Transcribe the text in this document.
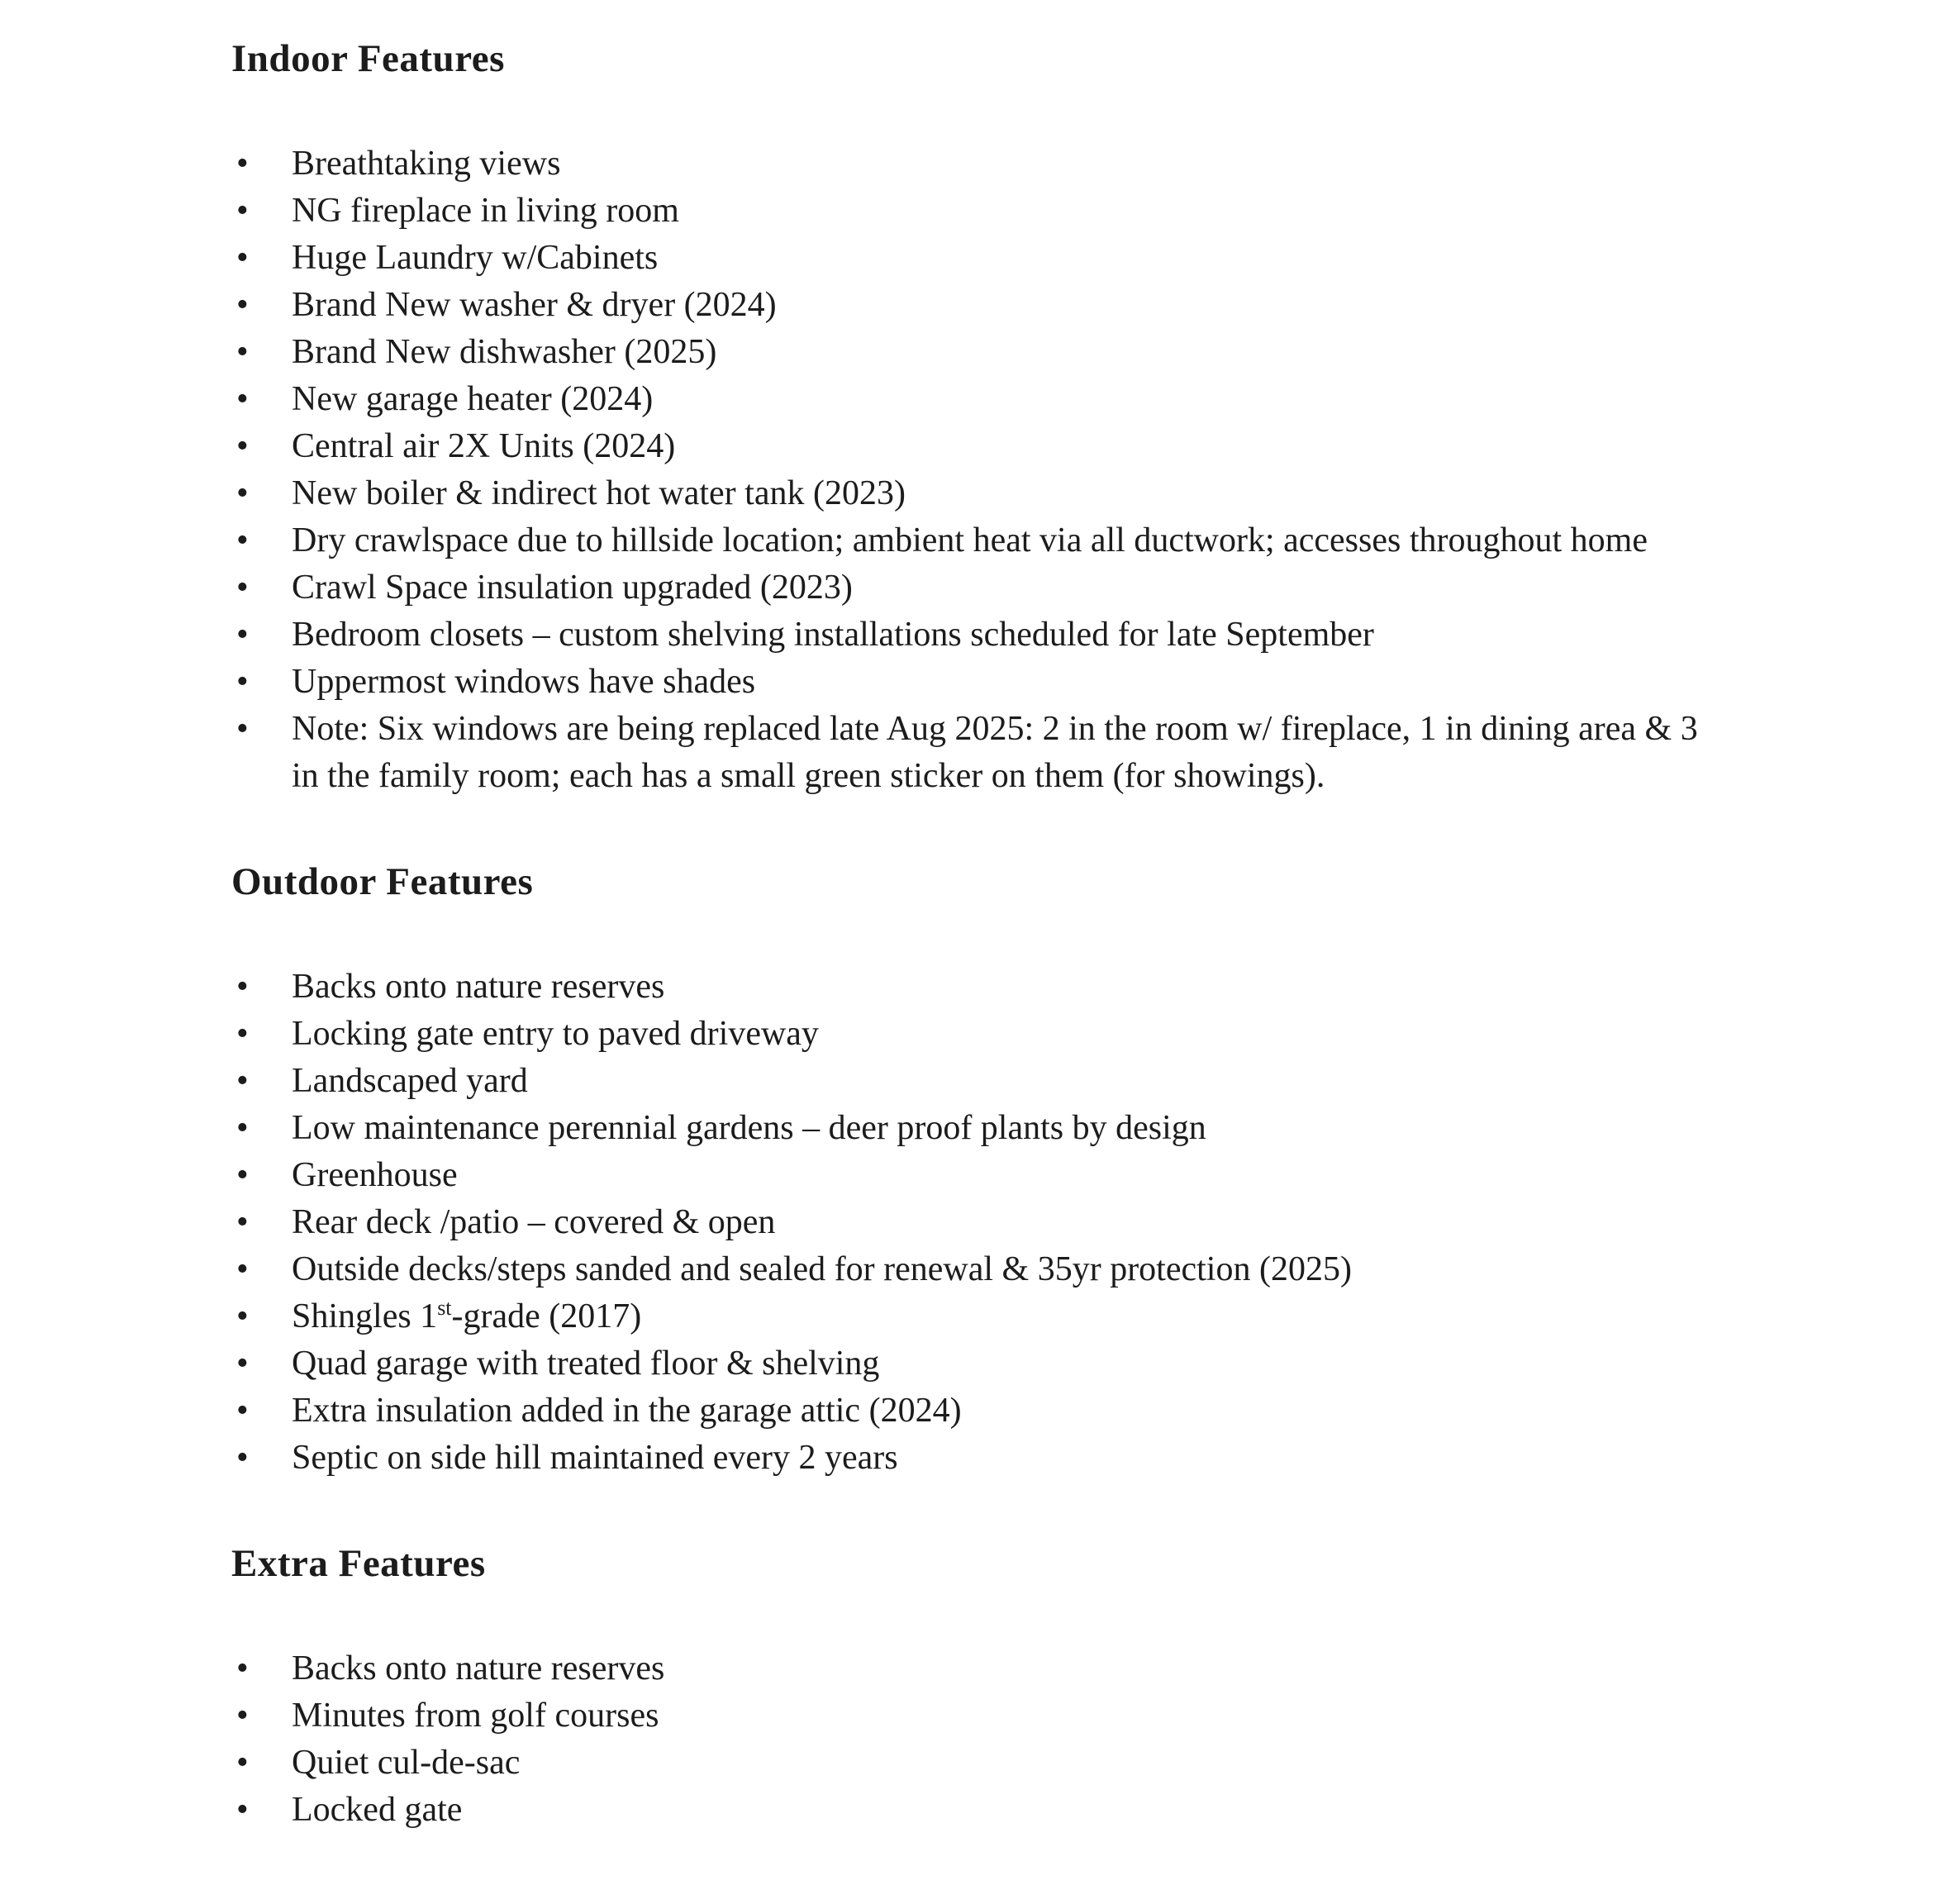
Indoor Features
• Breathtaking views
• NG fireplace in living room
• Huge Laundry w/Cabinets
• Brand New washer & dryer (2024)
• Brand New dishwasher (2025)
• New garage heater (2024)
• Central air 2X Units (2024)
• New boiler & indirect hot water tank (2023)
• Dry crawlspace due to hillside location; ambient heat via all ductwork; accesses throughout home
• Crawl Space insulation upgraded (2023)
• Bedroom closets – custom shelving installations scheduled for late September
• Uppermost windows have shades
• Note: Six windows are being replaced late Aug 2025: 2 in the room w/ fireplace, 1 in dining area & 3 in the family room; each has a small green sticker on them (for showings).
Outdoor Features
• Backs onto nature reserves
• Locking gate entry to paved driveway
• Landscaped yard
• Low maintenance perennial gardens – deer proof plants by design
• Greenhouse
• Rear deck /patio – covered & open
• Outside decks/steps sanded and sealed for renewal & 35yr protection (2025)
• Shingles 1st-grade (2017)
• Quad garage with treated floor & shelving
• Extra insulation added in the garage attic (2024)
• Septic on side hill maintained every 2 years
Extra Features
• Backs onto nature reserves
• Minutes from golf courses
• Quiet cul-de-sac
• Locked gate
